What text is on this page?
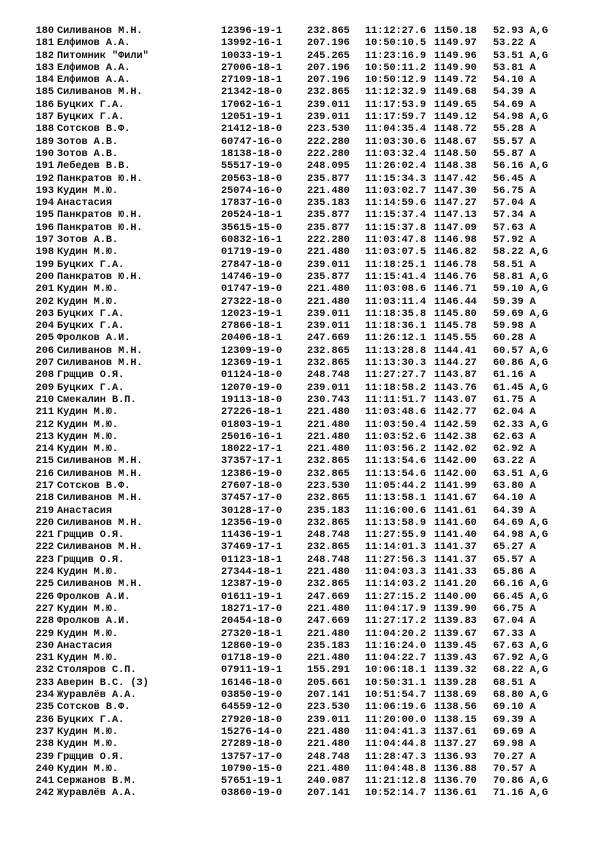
180 Силиванов М.Н.	12396-19-1 232.865 11:12:27.6 1150.18 52.93 A,G
181 Елфимов А.А.	13992-16-1 207.196 10:50:10.5 1149.97 53.22 A
182 Питомник "Фили"	10033-19-1 245.265 11:23:16.9 1149.96 53.51 A,G
183 Елфимов А.А.	27006-18-1 207.196 10:50:11.2 1149.90 53.81 A
184 Елфимов А.А.	27109-18-1 207.196 10:50:12.9 1149.72 54.10 A
185 Силиванов М.Н.	21342-18-0 232.865 11:12:32.9 1149.68 54.39 A
186 Буцких Г.А.	17062-16-1 239.011 11:17:53.9 1149.65 54.69 A
187 Буцких Г.А.	12051-19-1 239.011 11:17:59.7 1149.12 54.98 A,G
188 Сотсков В.Ф.	21412-18-0 223.530 11:04:35.4 1148.72 55.28 A
189 Зотов А.В.	60747-16-0 222.280 11:03:30.6 1148.67 55.57 A
190 Зотов А.В.	18138-18-0 222.280 11:03:32.4 1148.50 55.87 A
191 Лебедев В.В.	55517-19-0 248.095 11:26:02.4 1148.38 56.16 A,G
192 Панкратов Ю.Н.	20563-18-0 235.877 11:15:34.3 1147.42 56.45 A
193 Кудин М.Ю.	25074-16-0 221.480 11:03:02.7 1147.30 56.75 A
194 Анастасия	17837-16-0 235.183 11:14:59.6 1147.27 57.04 A
195 Панкратов Ю.Н.	20524-18-1 235.877 11:15:37.4 1147.13 57.34 A
196 Панкратов Ю.Н.	35615-15-0 235.877 11:15:37.8 1147.09 57.63 A
197 Зотов А.В.	60832-16-1 222.280 11:03:47.8 1146.98 57.92 A
198 Кудин М.Ю.	01719-19-0 221.480 11:03:07.5 1146.82 58.22 A,G
199 Буцких Г.А.	27847-18-0 239.011 11:18:25.1 1146.78 58.51 A
200 Панкратов Ю.Н.	14746-19-0 235.877 11:15:41.4 1146.76 58.81 A,G
201 Кудин М.Ю.	01747-19-0 221.480 11:03:08.6 1146.71 59.10 A,G
202 Кудин М.Ю.	27322-18-0 221.480 11:03:11.4 1146.44 59.39 A
203 Буцких Г.А.	12023-19-1 239.011 11:18:35.8 1145.80 59.69 A,G
204 Буцких Г.А.	27866-18-1 239.011 11:18:36.1 1145.78 59.98 A
205 Фролков А.И.	20406-18-1 247.669 11:26:12.1 1145.55 60.28 A
206 Силиванов М.Н.	12309-19-0 232.865 11:13:28.8 1144.41 60.57 A,G
207 Силиванов М.Н.	12369-19-1 232.865 11:13:30.3 1144.27 60.86 A,G
208 Грщцив О.Я.	01124-18-0 248.748 11:27:27.7 1143.87 61.16 A
209 Буцких Г.А.	12070-19-0 239.011 11:18:58.2 1143.76 61.45 A,G
210 Смекалин В.П.	19113-18-0 230.743 11:11:51.7 1143.07 61.75 A
211 Кудин М.Ю.	27226-18-1 221.480 11:03:48.6 1142.77 62.04 A
212 Кудин М.Ю.	01803-19-1 221.480 11:03:50.4 1142.59 62.33 A,G
213 Кудин М.Ю.	25016-16-1 221.480 11:03:52.6 1142.38 62.63 A
214 Кудин М.Ю.	18022-17-1 221.480 11:03:56.2 1142.02 62.92 A
215 Силиванов М.Н.	37357-17-1 232.865 11:13:54.6 1142.00 63.22 A
216 Силиванов М.Н.	12386-19-0 232.865 11:13:54.6 1142.00 63.51 A,G
217 Сотсков В.Ф.	27607-18-0 223.530 11:05:44.2 1141.99 63.80 A
218 Силиванов М.Н.	37457-17-0 232.865 11:13:58.1 1141.67 64.10 A
219 Анастасия	30128-17-0 235.183 11:16:00.6 1141.61 64.39 A
220 Силиванов М.Н.	12356-19-0 232.865 11:13:58.9 1141.60 64.69 A,G
221 Грщцив О.Я.	11436-19-1 248.748 11:27:55.9 1141.40 64.98 A,G
222 Силиванов М.Н.	37469-17-1 232.865 11:14:01.3 1141.37 65.27 A
223 Грщцив О.Я.	01123-18-1 248.748 11:27:56.3 1141.37 65.57 A
224 Кудин М.Ю.	27344-18-1 221.480 11:04:03.3 1141.33 65.86 A
225 Силиванов М.Н.	12387-19-0 232.865 11:14:03.2 1141.20 66.16 A,G
226 Фролков А.И.	01611-19-1 247.669 11:27:15.2 1140.00 66.45 A,G
227 Кудин М.Ю.	18271-17-0 221.480 11:04:17.9 1139.90 66.75 A
228 Фролков А.И.	20454-18-0 247.669 11:27:17.2 1139.83 67.04 A
229 Кудин М.Ю.	27320-18-1 221.480 11:04:20.2 1139.67 67.33 A
230 Анастасия	12860-19-0 235.183 11:16:24.0 1139.45 67.63 A,G
231 Кудин М.Ю.	01718-19-0 221.480 11:04:22.7 1139.43 67.92 A,G
232 Столяров С.П.	07911-19-1 155.291 10:06:18.1 1139.32 68.22 A,G
233 Аверин В.С. (З)	16146-18-0 205.661 10:50:31.1 1139.28 68.51 A
234 Журавлёв А.А.	03850-19-0 207.141 10:51:54.7 1138.69 68.80 A,G
235 Сотсков В.Ф.	64559-12-0 223.530 11:06:19.6 1138.56 69.10 A
236 Буцких Г.А.	27920-18-0 239.011 11:20:00.0 1138.15 69.39 A
237 Кудин М.Ю.	15276-14-0 221.480 11:04:41.3 1137.61 69.69 A
238 Кудин М.Ю.	27289-18-0 221.480 11:04:44.8 1137.27 69.98 A
239 Грщцив О.Я.	13757-17-0 248.748 11:28:47.3 1136.93 70.27 A
240 Кудин М.Ю.	10790-15-0 221.480 11:04:48.8 1136.88 70.57 A
241 Сержанов В.М.	57651-19-1 240.087 11:21:12.8 1136.70 70.86 A,G
242 Журавлёв А.А.	03860-19-0 207.141 10:52:14.7 1136.61 71.16 A,G
